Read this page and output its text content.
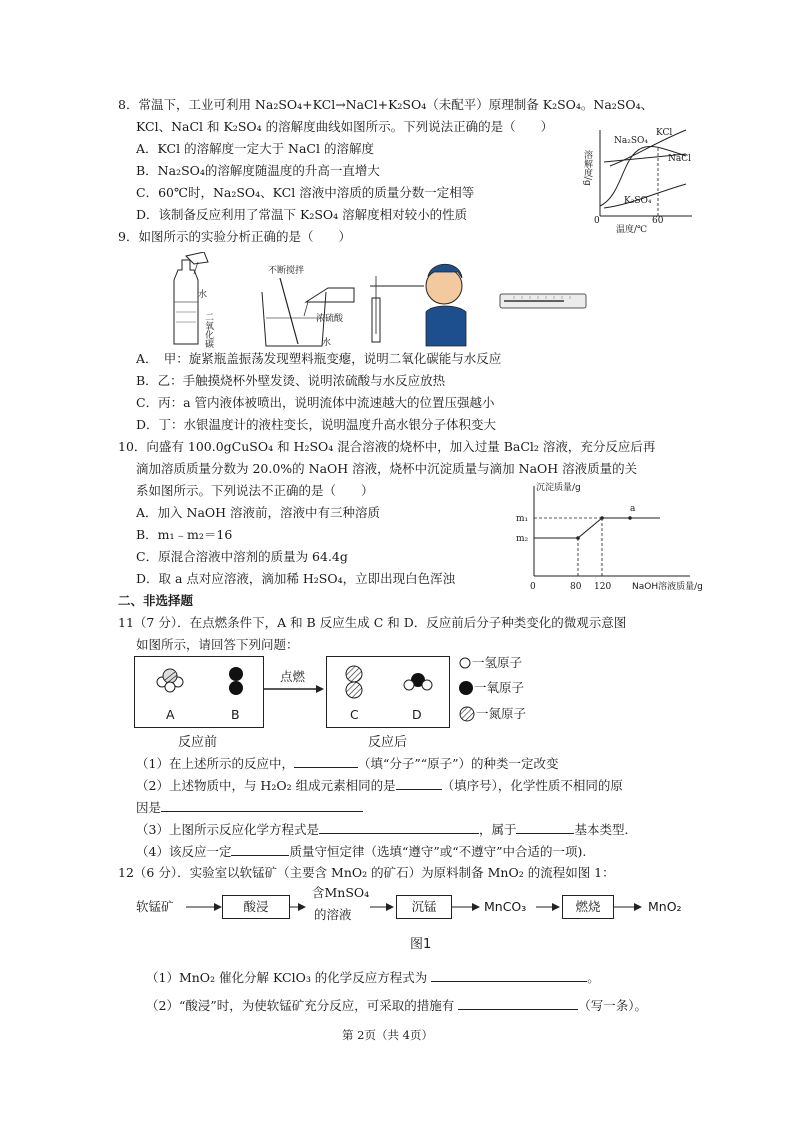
8．常温下，工业可利用 Na₂SO₄+KCl→NaCl+K₂SO₄（未配平）原理制备 K₂SO₄。Na₂SO₄、
KCl、NaCl 和 K₂SO₄ 的溶解度曲线如图所示。下列说法正确的是（　　）
A．KCl 的溶解度一定大于 NaCl 的溶解度
B．Na₂SO₄的溶解度随温度的升高一直增大
C．60℃时，Na₂SO₄、KCl 溶液中溶质的质量分数一定相等
D．该制备反应利用了常温下 K₂SO₄ 溶解度相对较小的性质
溶解度/g
Na₂SO₄
KCl
NaCl
K₂SO₄
0	60
温度/℃
9．如图所示的实验分析正确的是（　　）
水
二氧化碳
不断搅拌
浓硫酸
水
A．　甲：旋紧瓶盖振荡发现塑料瓶变瘪，说明二氧化碳能与水反应
B．乙：手触摸烧杯外壁发烫、说明浓硫酸与水反应放热
C．丙：a 管内液体被喷出，说明流体中流速越大的位置压强越小
D．丁：水银温度计的液柱变长，说明温度升高水银分子体积变大
10．向盛有 100.0gCuSO₄ 和 H₂SO₄ 混合溶液的烧杯中，加入过量 BaCl₂ 溶液，充分反应后再
滴加溶质质量分数为 20.0%的 NaOH 溶液，烧杯中沉淀质量与滴加 NaOH 溶液质量的关
系如图所示。下列说法不正确的是（　　）
A．加入 NaOH 溶液前，溶液中有三种溶质
B．m₁﹣m₂＝16
C．原混合溶液中溶剂的质量为 64.4g
D．取 a 点对应溶液，滴加稀 H₂SO₄，立即出现白色浑浊
沉淀质量/g
m₁
m₂
a
0	80 120 NaOH溶液质量/g
二、非选择题
11（7 分）．在点燃条件下，A 和 B 反应生成 C 和 D．反应前后分子种类变化的微观示意图
如图所示，请回答下列问题：
A	B
点燃
C	D
一氢原子
一氧原子
一氮原子
反应前	反应后
（1）在上述所示的反应中，	（填“分子”“原子”）的种类一定改变
（2）上述物质中，与 H₂O₂ 组成元素相同的是	（填序号），化学性质不相同的原
因是
（3）上图所示反应化学方程式是	，属于	基本类型.
（4）该反应一定	质量守恒定律（选填“遵守”或“不遵守”中合适的一项).
12（6 分）．实验室以软锰矿（主要含 MnO₂ 的矿石）为原料制备 MnO₂ 的流程如图 1：
软锰矿	酸浸
含MnSO₄
的溶液
沉锰	MnCO₃	燃烧	MnO₂
图1
（1）MnO₂ 催化分解 KClO₃ 的化学反应方程式为	。
（2）“酸浸”时，为使软锰矿充分反应，可采取的措施有	（写一条）。
第 2页（共 4页）
